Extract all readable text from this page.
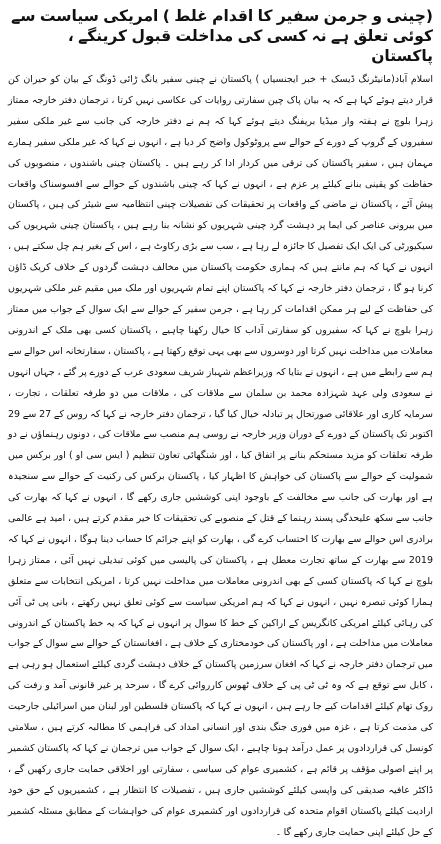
(چینی و جرمن سفیر کا اقدام غلط ) امریکی سیاست سے کوئی تعلق ہے نہ کسی کی مداخلت قبول کرینگے ، پاکستان

اسلام آباد(مانیٹرنگ ڈیسک + خبر ایجنسیاں ) پاکستان نے چینی سفیر یانگ ڑائی ڈونگ کے بیان کو حیران کن قرار دیتے ہوئے کہا ہے کہ یہ بیان پاک چین سفارتی روایات کی عکاسی نہیں کرتا ، ترجمان دفتر خارجہ ممتاز زہرا بلوچ نے ہفتہ وار میڈیا بریفنگ دیتے ہوئے کہا کہ ہم نے دفتر خارجہ کی جانب سے غیر ملکی سفیر سفیروں کے گروپ کے دورے کے حوالے سے پروٹوکول واضح کر دیا ہے ، انہوں نے کہا کہ غیر ملکی سفیر ہمارے مہمان ہیں ، سفیر پاکستان کی ترقی میں کردار ادا کر رہے ہیں ۔ پاکستان چینی باشندوں ، منصوبوں کی حفاظت کو یقینی بنانے کیلئے پر عزم ہے ، انہوں نے کہا کہ چینی باشندوں کے حوالے سے افسوسناک واقعات پیش آئے ، پاکستان نے ماضی کے واقعات پر تحقیقات کی تفصیلات چینی انتظامیہ سے شیئر کی ہیں ، پاکستان میں بیرونی عناصر کی ایما پر دہشت گرد چینی شہریوں کو نشانہ بنا رہے ہیں ، پاکستان چینی شہریوں کی سیکیورٹی کی ایک ایک تفصیل کا جائزہ لے رہا ہے ، سب سے بڑی رکاوٹ ہے ، اس کے بغیر ہم چل سکتے ہیں ، انہوں نے کہا کہ ہم مانتے ہیں کہ ہماری حکومت پاکستان میں مخالف دہشت گردوں کے خلاف کریک ڈاؤن کرنا ہو گا ، ترجمان دفتر خارجہ نے کہا کہ پاکستان اپنے تمام شہریوں اور ملک میں مقیم غیر ملکی شہریوں کی حفاظت کے لیے ہر ممکن اقدامات کر رہا ہے ، جرمن سفیر کے حوالے سے ایک سوال کے جواب میں ممتاز زہرا بلوچ نے کہا کہ سفیروں کو سفارتی آداب کا خیال رکھنا چاہیے ، پاکستان کسی بھی ملک کے اندرونی معاملات میں مداخلت نہیں کرتا اور دوسروں سے بھی یہی توقع رکھتا ہے ، پاکستان ، سفارتخانہ اس حوالے سے ہم سے رابطے میں ہے ، انہوں نے بتایا کہ وزیراعظم شہباز شریف سعودی عرب کے دورے پر گئے ، جہاں انہوں نے سعودی ولی عہد شہزادہ محمد بن سلمان سے ملاقات کی ، ملاقات میں دو طرفہ تعلقات ، تجارت ، سرمایہ کاری اور علاقائی صورتحال پر تبادلہ خیال کیا گیا ، ترجمان دفتر خارجہ نے کہا کہ روس کے 27 سے 29 اکتوبر تک پاکستان کے دورے کے دوران وزیر خارجہ نے روسی ہم منصب سے ملاقات کی ، دونوں رہنماؤں نے دو طرفہ تعلقات کو مزید مستحکم بنانے پر اتفاق کیا ، اور شنگھائی تعاون تنظیم ( ایس سی او ) اور برکس میں شمولیت کے حوالے سے پاکستان کی خواہش کا اظہار کیا ، پاکستان برکس کی رکنیت کے حوالے سے سنجیدہ ہے اور بھارت کی جانب سے مخالفت کے باوجود اپنی کوششیں جاری رکھے گا ، انہوں نے کہا کہ بھارت کی جانب سے سکھ علیحدگی پسند رہنما کے قتل کے منصوبے کی تحقیقات کا خیر مقدم کرتے ہیں ، امید ہے عالمی برادری اس حوالے سے بھارت کا احتساب کرے گی ، بھارت کو اپنے جرائم کا حساب دینا ہوگا ، انہوں نے کہا کہ 2019 سے بھارت کے ساتھ تجارت معطل ہے ، پاکستان کی پالیسی میں کوئی تبدیلی نہیں آئی ، ممتاز زہرا بلوچ نے کہا کہ پاکستان کسی کے بھی اندرونی معاملات میں مداخلت نہیں کرتا ، امریکی انتخابات سے متعلق ہمارا کوئی تبصرہ نہیں ، انہوں نے کہا کہ ہم امریکی سیاست سے کوئی تعلق نہیں رکھتے ، بانی پی ٹی آئی کی رہائی کیلئے امریکی کانگریس کے اراکین کے خط کا سوال پر انہوں نے کہا کہ یہ خط پاکستان کے اندرونی معاملات میں مداخلت ہے ، اور پاکستان کی خودمختاری کے خلاف ہے ، افغانستان کے حوالے سے سوال کے جواب میں ترجمان دفتر خارجہ نے کہا کہ افغان سرزمین پاکستان کے خلاف دہشت گردی کیلئے استعمال ہو رہی ہے ، کابل سے توقع ہے کہ وہ ٹی ٹی پی کے خلاف ٹھوس کارروائی کرے گا ، سرحد پر غیر قانونی آمد و رفت کی روک تھام کیلئے اقدامات کیے جا رہے ہیں ، انہوں نے کہا کہ پاکستان فلسطین اور لبنان میں اسرائیلی جارحیت کی مذمت کرتا ہے ، غزہ میں فوری جنگ بندی اور انسانی امداد کی فراہمی کا مطالبہ کرتے ہیں ، سلامتی کونسل کی قراردادوں پر عمل درآمد ہونا چاہیے ، ایک سوال کے جواب میں ترجمان نے کہا کہ پاکستان کشمیر پر اپنے اصولی مؤقف پر قائم ہے ، کشمیری عوام کی سیاسی ، سفارتی اور اخلاقی حمایت جاری رکھیں گے ، ڈاکٹر عافیہ صدیقی کی واپسی کیلئے کوششیں جاری ہیں ، تفصیلات کا انتظار ہے ، کشمیریوں کے حق خود ارادیت کیلئے پاکستان اقوام متحدہ کی قراردادوں اور کشمیری عوام کی خواہشات کے مطابق مسئلہ کشمیر کے حل کیلئے اپنی حمایت جاری رکھے گا ۔
